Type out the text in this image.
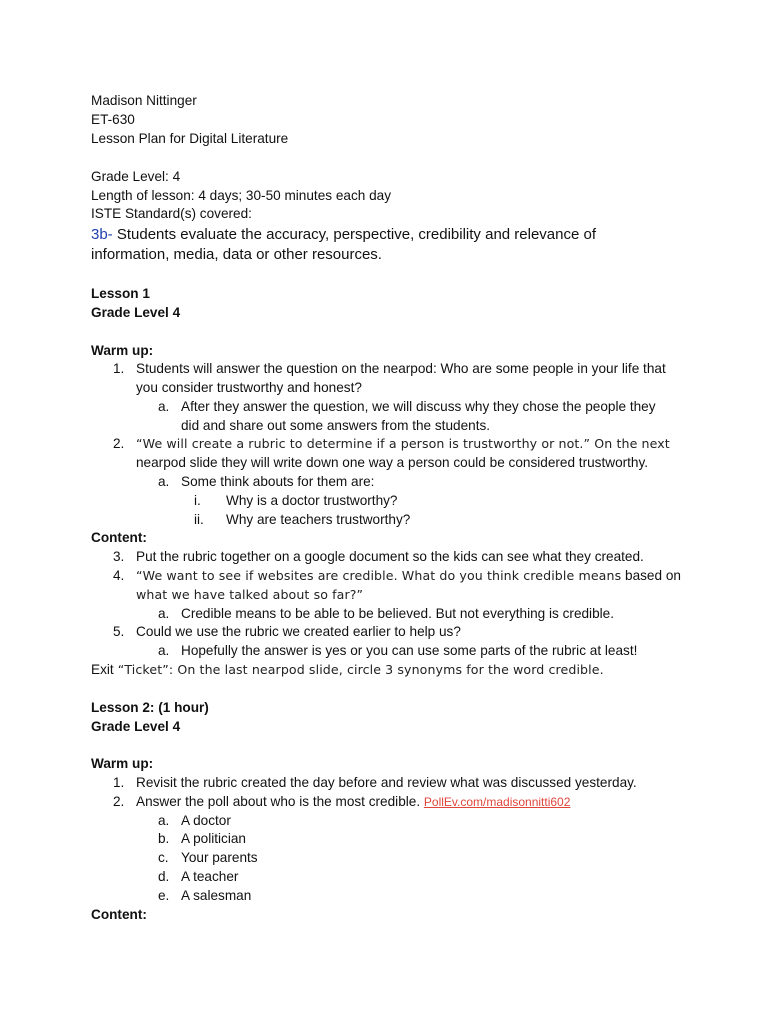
Madison Nittinger
ET-630
Lesson Plan for Digital Literature
Grade Level: 4
Length of lesson: 4 days; 30-50 minutes each day
ISTE Standard(s) covered:
3b- Students evaluate the accuracy, perspective, credibility and relevance of
information, media, data or other resources.
Lesson 1
Grade Level 4
Warm up:
1. Students will answer the question on the nearpod: Who are some people in your life that
you consider trustworthy and honest?
a. After they answer the question, we will discuss why they chose the people they
did and share out some answers from the students.
2. “We will create a rubric to determine if a person is trustworthy or not.” On the next
nearpod slide they will write down one way a person could be considered trustworthy.
a. Some think abouts for them are:
i. Why is a doctor trustworthy?
ii. Why are teachers trustworthy?
Content:
3. Put the rubric together on a google document so the kids can see what they created.
4. “We want to see if websites are credible. What do you think credible means based on
what we have talked about so far?”
a. Credible means to be able to be believed. But not everything is credible.
5. Could we use the rubric we created earlier to help us?
a. Hopefully the answer is yes or you can use some parts of the rubric at least!
Exit “Ticket”: On the last nearpod slide, circle 3 synonyms for the word credible.
Lesson 2: (1 hour)
Grade Level 4
Warm up:
1. Revisit the rubric created the day before and review what was discussed yesterday.
2. Answer the poll about who is the most credible. PollEv.com/madisonnitti602
a. A doctor
b. A politician
c. Your parents
d. A teacher
e. A salesman
Content:
